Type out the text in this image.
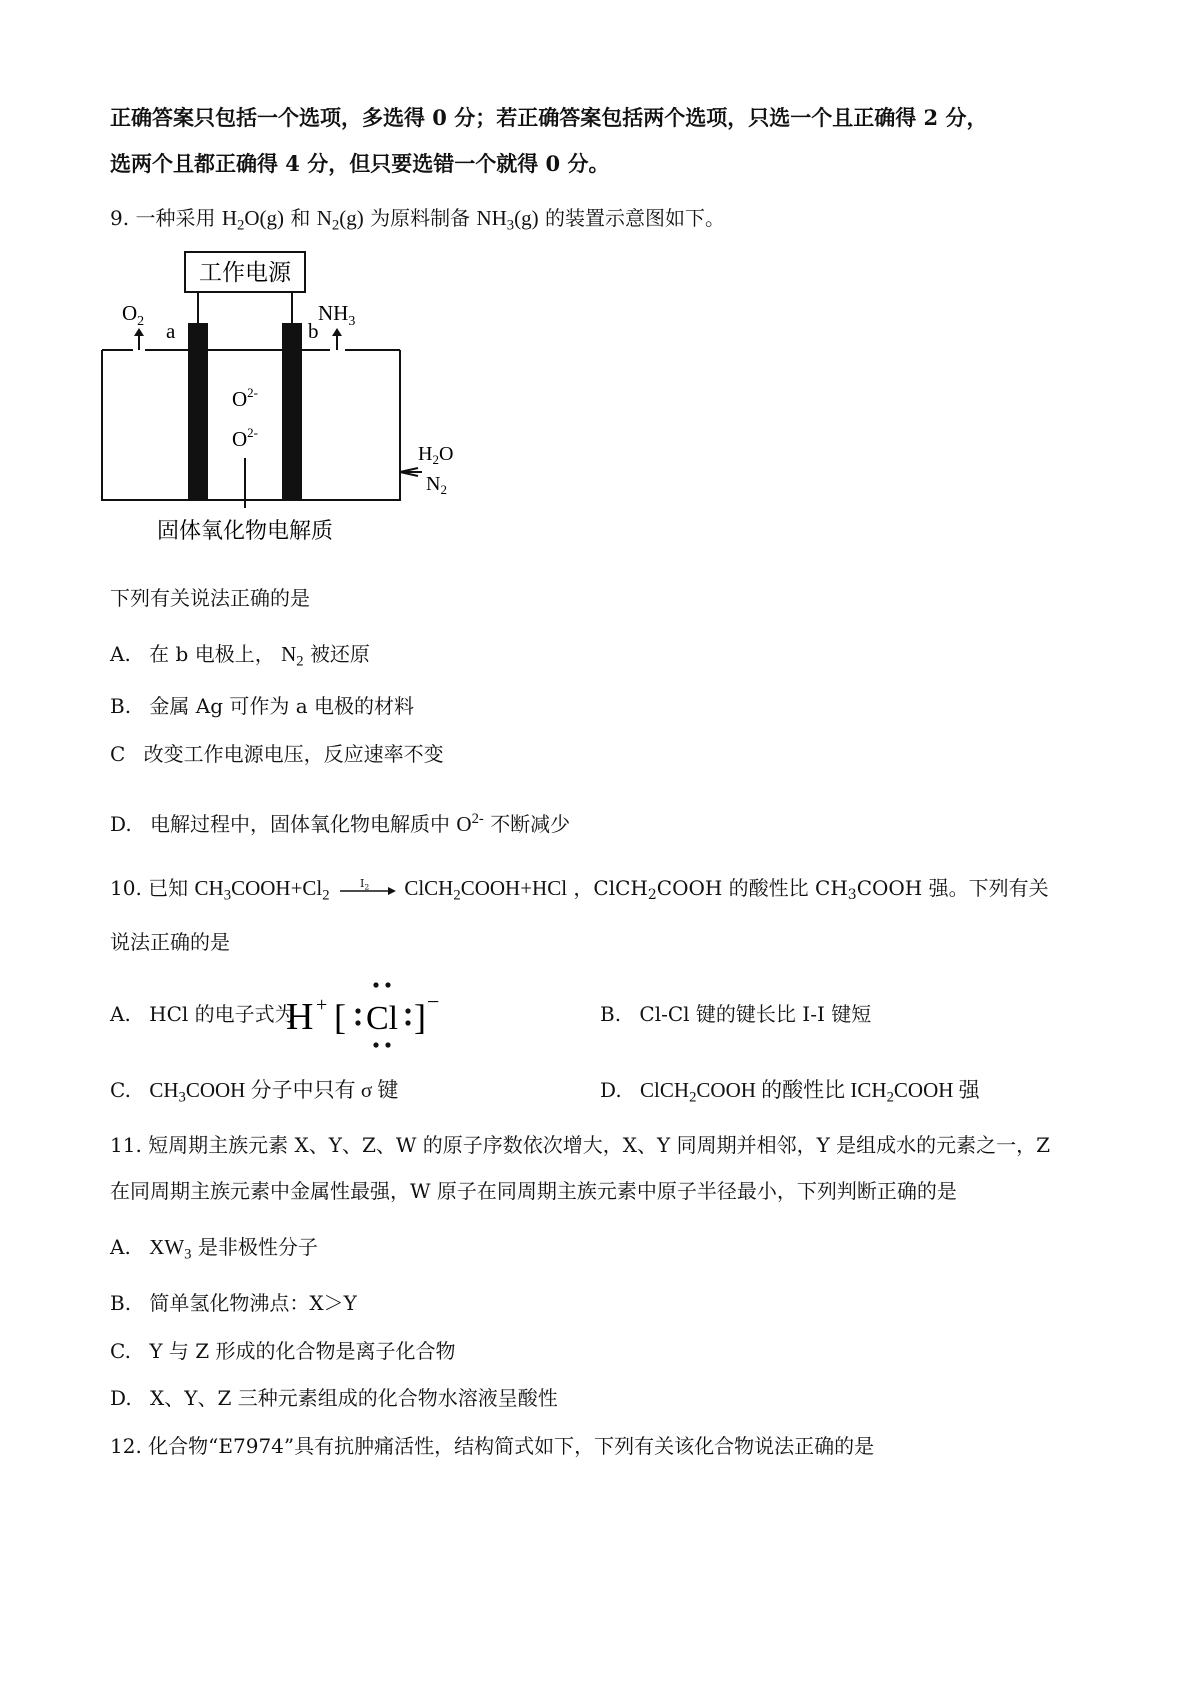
正确答案只包括一个选项，多选得 0 分；若正确答案包括两个选项，只选一个且正确得 2 分，
选两个且都正确得 4 分，但只要选错一个就得 0 分。
9. 一种采用 $H_2O(g)$ 和 $N_2(g)$ 为原料制备 $NH_3(g)$ 的装置示意图如下。
工作电源
$O_2$	$NH_3$
a	b
$O^{2-}$
$O^{2-}$
$H_2O$
$N_2$
固体氧化物电解质
下列有关说法正确的是
A. 在 b 电极上， $N_2$ 被还原
B. 金属 Ag 可作为 a 电极的材料
C 改变工作电源电压，反应速率不变
D. 电解过程中，固体氧化物电解质中 $O^{2-}$ 不断减少
10. 已知 $CH_3COOH+Cl_2$
$I_2$ ClCH$_2$COOH+HCl ，ClCH$_2$COOH 的酸性比 $CH_3COOH$ 强。下列有关
说法正确的是
A. HCl 的电子式为
H + [ Cl ] −	B. Cl-Cl 键的键长比 I-I 键短
C. $CH_3COOH$ 分子中只有 σ 键	D. ClCH$_2$COOH 的酸性比 $ICH_2COOH$ 强
11. 短周期主族元素 X、Y、Z、W 的原子序数依次增大，X、Y 同周期并相邻，Y 是组成水的元素之一，Z
在同周期主族元素中金属性最强，W 原子在同周期主族元素中原子半径最小，下列判断正确的是
A. $XW_3$ 是非极性分子
B. 简单氢化物沸点：X＞Y
C. Y 与 Z 形成的化合物是离子化合物
D. X、Y、Z 三种元素组成的化合物水溶液呈酸性
12. 化合物“E7974”具有抗肿痛活性，结构简式如下，下列有关该化合物说法正确的是
